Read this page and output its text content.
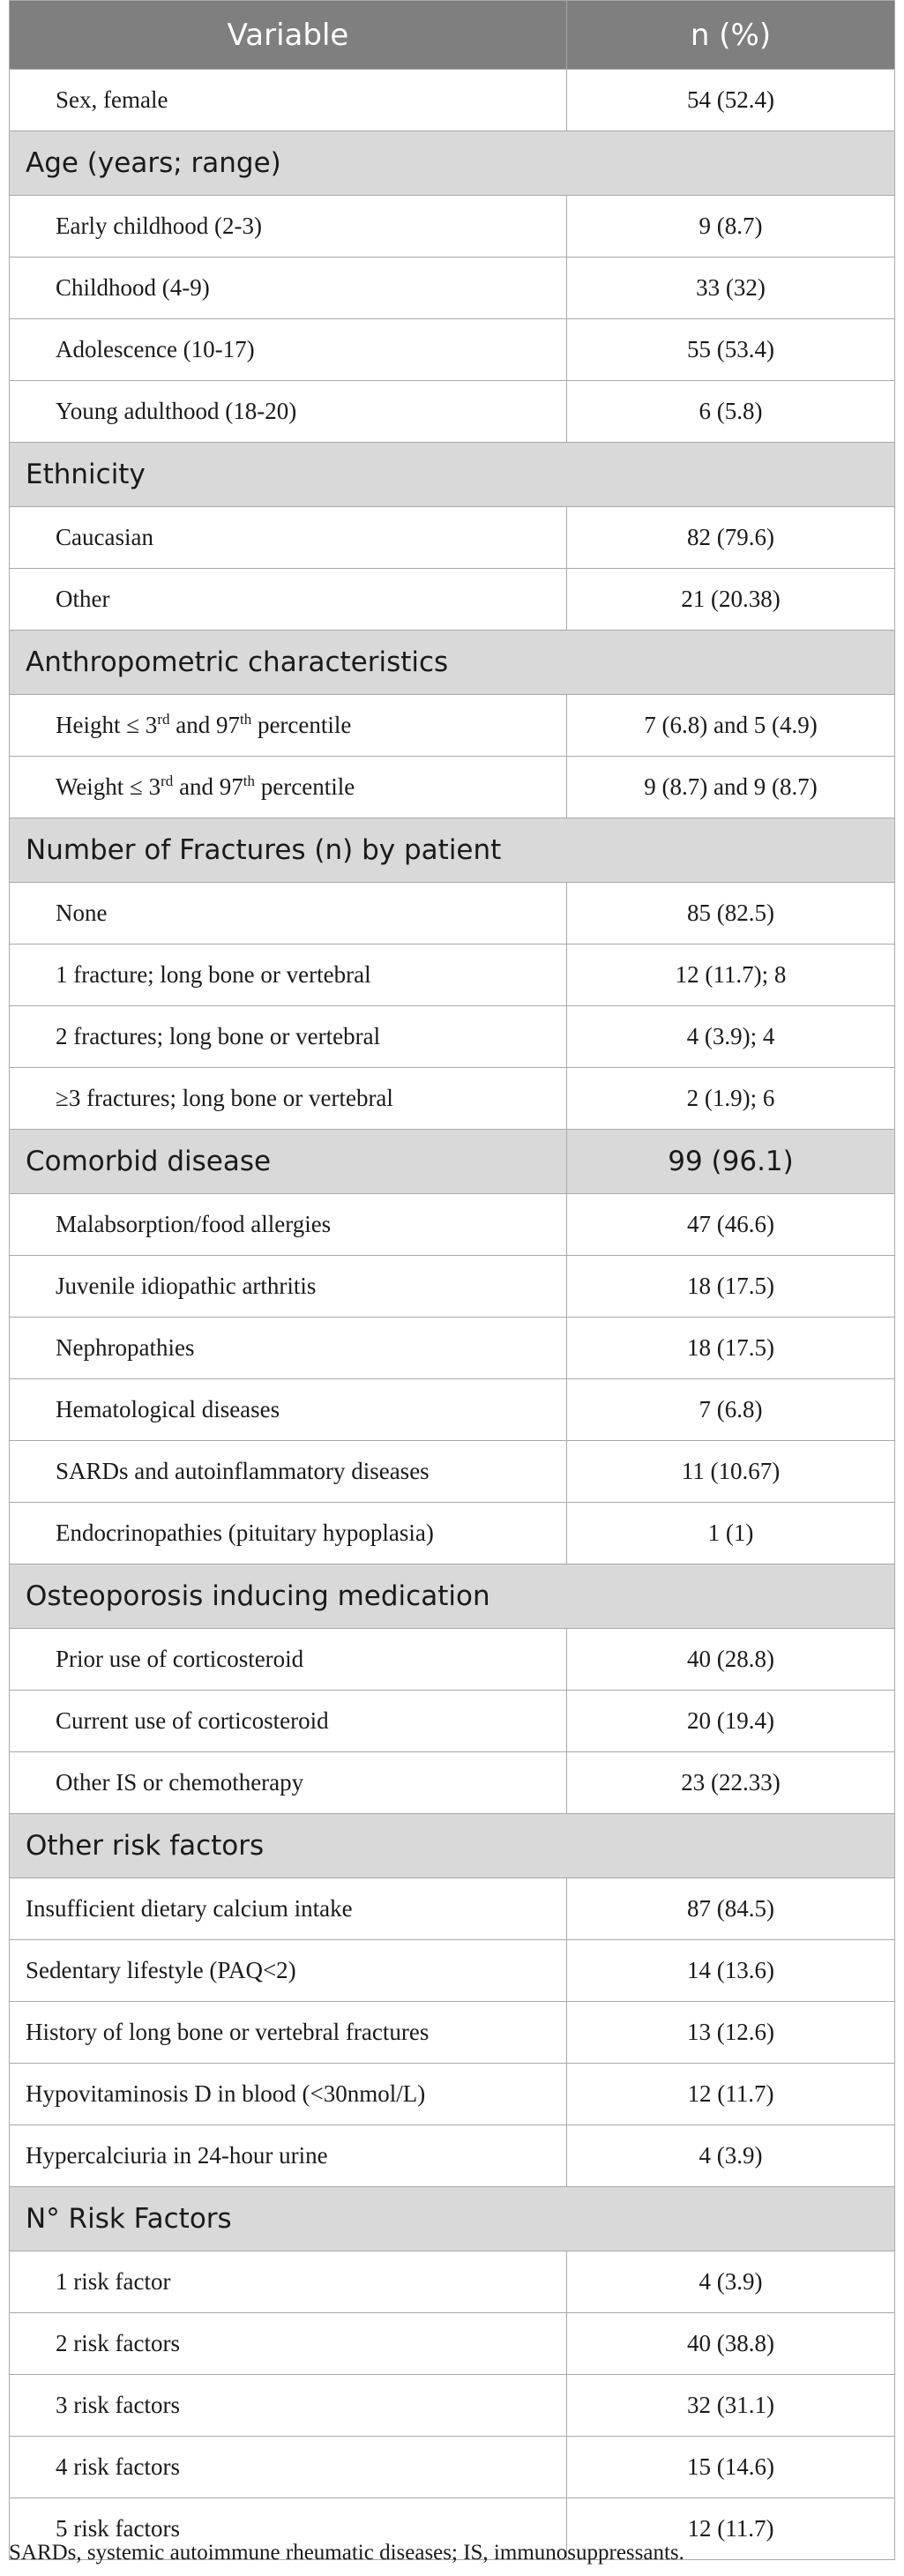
Variable	n (%)
Sex, female	54 (52.4)
Age (years; range)	
Early childhood (2-3)	9 (8.7)
Childhood (4-9)	33 (32)
Adolescence (10-17)	55 (53.4)
Young adulthood (18-20)	6 (5.8)
Ethnicity	
Caucasian	82 (79.6)
Other	21 (20.38)
Anthropometric characteristics	
Height ≤ 3rd and 97th percentile	7 (6.8) and 5 (4.9)
Weight ≤ 3rd and 97th percentile	9 (8.7) and 9 (8.7)
Number of Fractures (n) by patient	
None	85 (82.5)
1 fracture; long bone or vertebral	12 (11.7); 8
2 fractures; long bone or vertebral	4 (3.9); 4
≥3 fractures; long bone or vertebral	2 (1.9); 6
Comorbid disease	99 (96.1)
Malabsorption/food allergies	47 (46.6)
Juvenile idiopathic arthritis	18 (17.5)
Nephropathies	18 (17.5)
Hematological diseases	7 (6.8)
SARDs and autoinflammatory diseases	11 (10.67)
Endocrinopathies (pituitary hypoplasia)	1 (1)
Osteoporosis inducing medication	
Prior use of corticosteroid	40 (28.8)
Current use of corticosteroid	20 (19.4)
Other IS or chemotherapy	23 (22.33)
Other risk factors	
Insufficient dietary calcium intake	87 (84.5)
Sedentary lifestyle (PAQ<2)	14 (13.6)
History of long bone or vertebral fractures	13 (12.6)
Hypovitaminosis D in blood (<30nmol/L)	12 (11.7)
Hypercalciuria in 24-hour urine	4 (3.9)
N° Risk Factors	
1 risk factor	4 (3.9)
2 risk factors	40 (38.8)
3 risk factors	32 (31.1)
4 risk factors	15 (14.6)
5 risk factors	12 (11.7)
SARDs, systemic autoimmune rheumatic diseases; IS, immunosuppressants.
